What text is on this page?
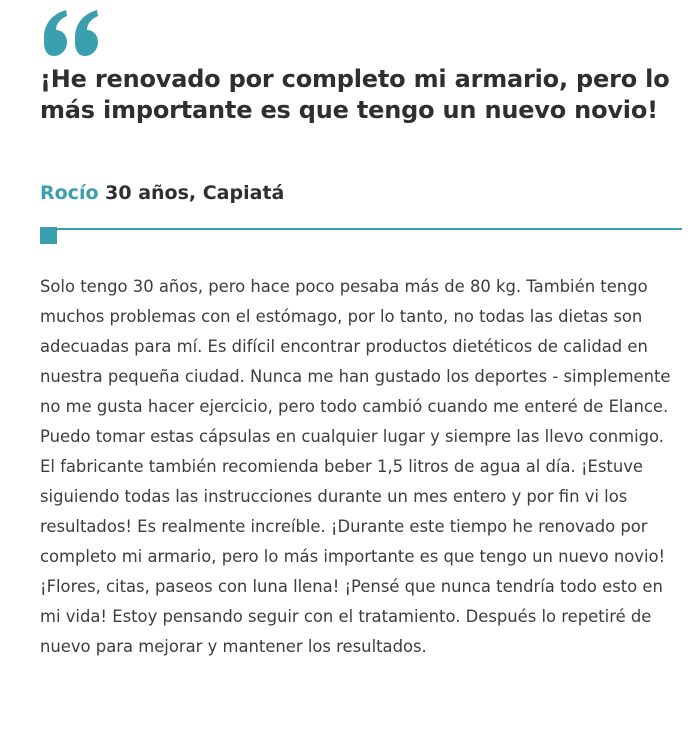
¡He renovado por completo mi armario, pero lo más importante es que tengo un nuevo novio!
Rocío 30 años, Capiatá

Solo tengo 30 años, pero hace poco pesaba más de 80 kg. También tengo muchos problemas con el estómago, por lo tanto, no todas las dietas son adecuadas para mí. Es difícil encontrar productos dietéticos de calidad en nuestra pequeña ciudad. Nunca me han gustado los deportes - simplemente no me gusta hacer ejercicio, pero todo cambió cuando me enteré de Elance. Puedo tomar estas cápsulas en cualquier lugar y siempre las llevo conmigo. El fabricante también recomienda beber 1,5 litros de agua al día. ¡Estuve siguiendo todas las instrucciones durante un mes entero y por fin vi los resultados! Es realmente increíble. ¡Durante este tiempo he renovado por completo mi armario, pero lo más importante es que tengo un nuevo novio! ¡Flores, citas, paseos con luna llena! ¡Pensé que nunca tendría todo esto en mi vida! Estoy pensando seguir con el tratamiento. Después lo repetiré de nuevo para mejorar y mantener los resultados.
